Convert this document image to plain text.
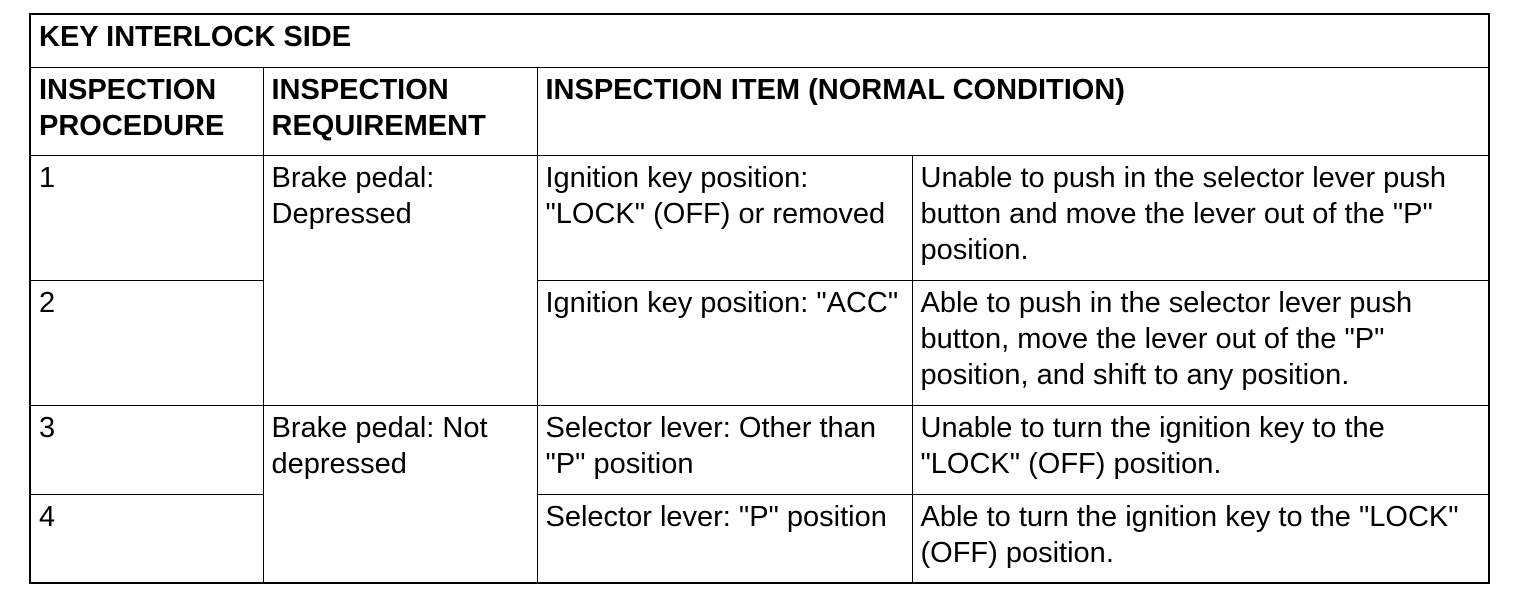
KEY INTERLOCK SIDE			
INSPECTION PROCEDURE	INSPECTION REQUIREMENT	INSPECTION ITEM (NORMAL CONDITION)	
1	Brake pedal: Depressed	Ignition key position: "LOCK" (OFF) or removed	Unable to push in the selector lever push button and move the lever out of the "P" position.
2		Ignition key position: "ACC"	Able to push in the selector lever push button, move the lever out of the "P" position, and shift to any position.
3	Brake pedal: Not depressed	Selector lever: Other than "P" position	Unable to turn the ignition key to the "LOCK" (OFF) position.
4		Selector lever: "P" position	Able to turn the ignition key to the "LOCK" (OFF) position.
